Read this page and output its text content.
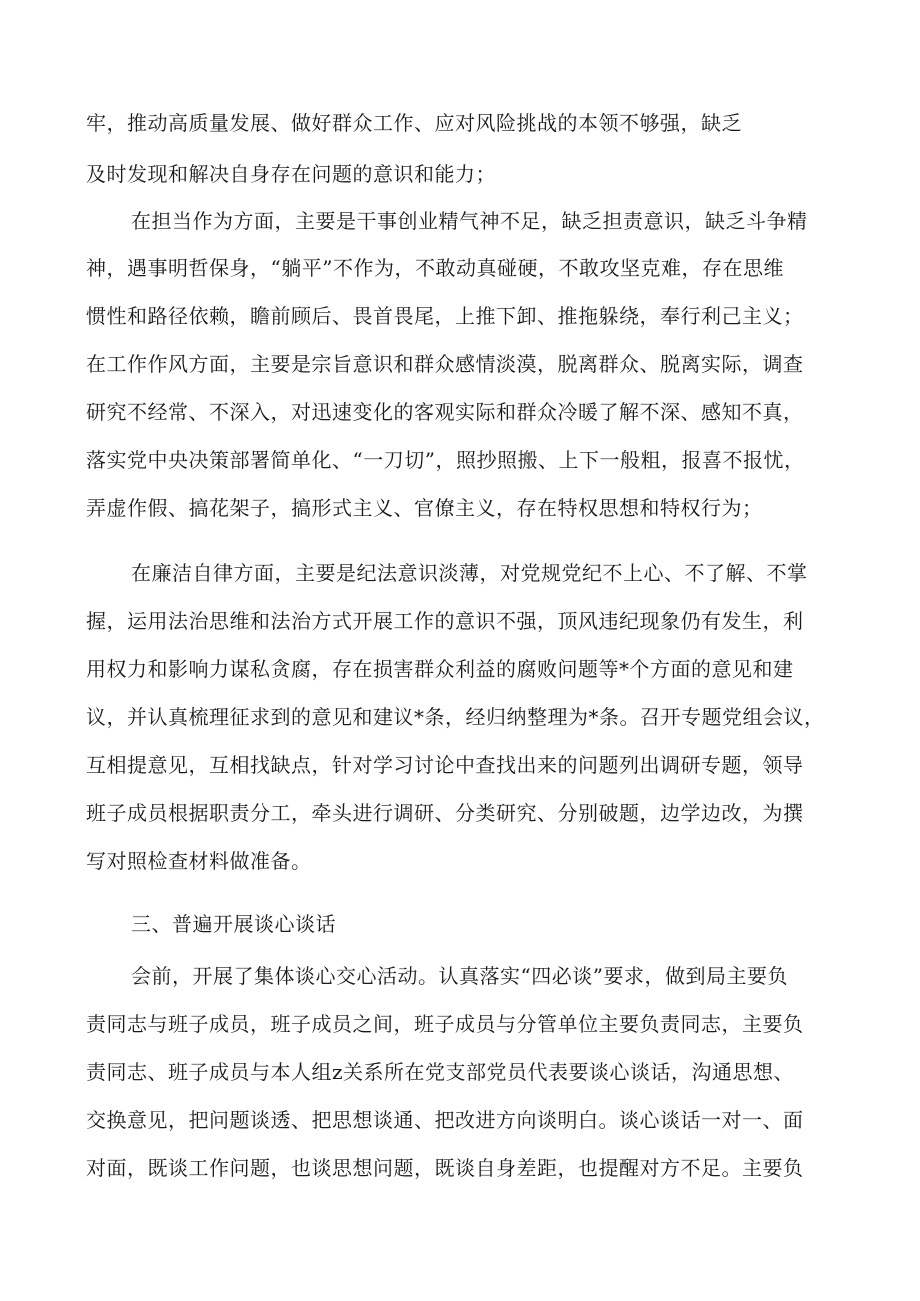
牢，推动高质量发展、做好群众工作、应对风险挑战的本领不够强，缺乏
及时发现和解决自身存在问题的意识和能力；
在担当作为方面，主要是干事创业精气神不足，缺乏担责意识，缺乏斗争精
神，遇事明哲保身，“躺平”不作为，不敢动真碰硬，不敢攻坚克难，存在思维
惯性和路径依赖，瞻前顾后、畏首畏尾，上推下卸、推拖躲绕，奉行利己主义；
在工作作风方面，主要是宗旨意识和群众感情淡漠，脱离群众、脱离实际，调查
研究不经常、不深入，对迅速变化的客观实际和群众冷暖了解不深、感知不真，
落实党中央决策部署简单化、“一刀切”，照抄照搬、上下一般粗，报喜不报忧，
弄虚作假、搞花架子，搞形式主义、官僚主义，存在特权思想和特权行为；
在廉洁自律方面，主要是纪法意识淡薄，对党规党纪不上心、不了解、不掌
握，运用法治思维和法治方式开展工作的意识不强，顶风违纪现象仍有发生，利
用权力和影响力谋私贪腐，存在损害群众利益的腐败问题等*个方面的意见和建
议，并认真梳理征求到的意见和建议*条，经归纳整理为*条。召开专题党组会议，
互相提意见，互相找缺点，针对学习讨论中查找出来的问题列出调研专题，领导
班子成员根据职责分工，牵头进行调研、分类研究、分别破题，边学边改，为撰
写对照检查材料做准备。
三、普遍开展谈心谈话
会前，开展了集体谈心交心活动。认真落实“四必谈”要求，做到局主要负
责同志与班子成员，班子成员之间，班子成员与分管单位主要负责同志，主要负
责同志、班子成员与本人组z关系所在党支部党员代表要谈心谈话，沟通思想、
交换意见，把问题谈透、把思想谈通、把改进方向谈明白。谈心谈话一对一、面
对面，既谈工作问题，也谈思想问题，既谈自身差距，也提醒对方不足。主要负
